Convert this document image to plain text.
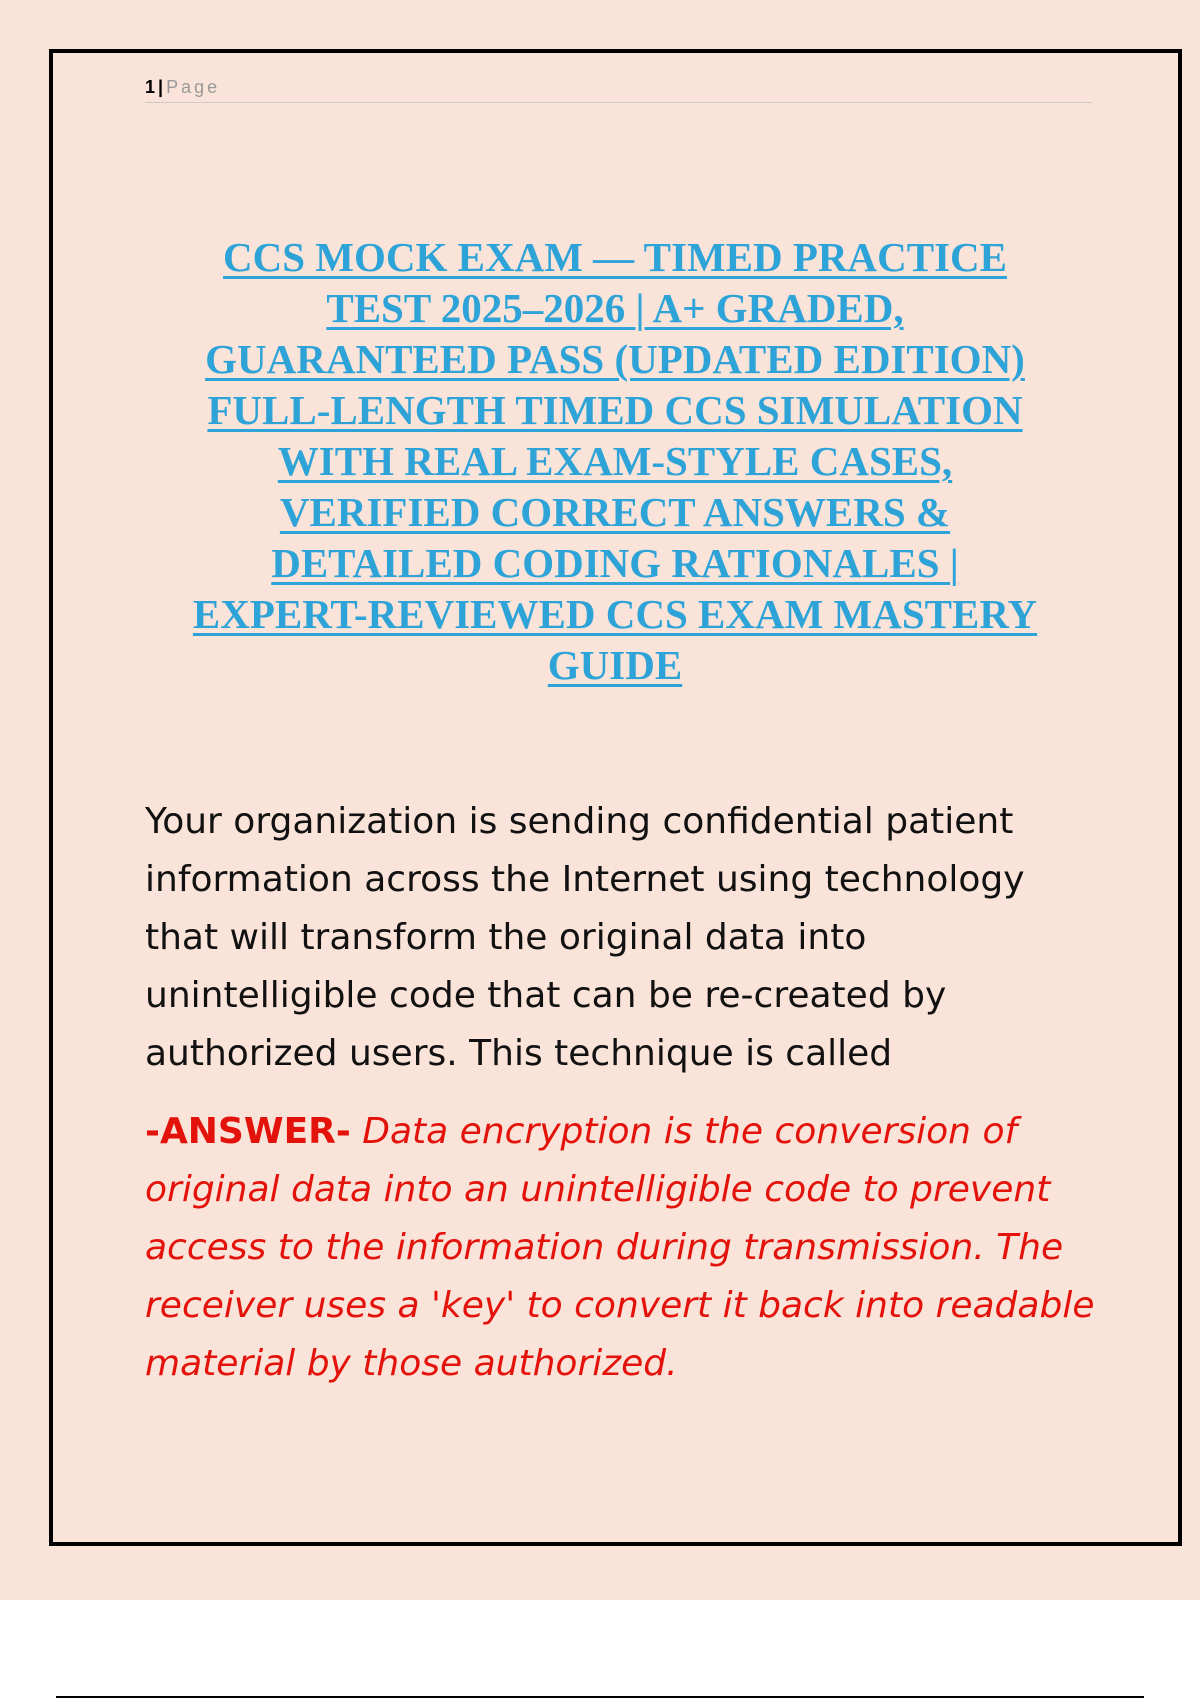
1 | Page
CCS MOCK EXAM — TIMED PRACTICE
TEST 2025–2026 | A+ GRADED,
GUARANTEED PASS (UPDATED EDITION)
FULL-LENGTH TIMED CCS SIMULATION
WITH REAL EXAM-STYLE CASES,
VERIFIED CORRECT ANSWERS &
DETAILED CODING RATIONALES |
EXPERT-REVIEWED CCS EXAM MASTERY
GUIDE
Your organization is sending confidential patient
information across the Internet using technology
that will transform the original data into
unintelligible code that can be re-created by
authorized users. This technique is called
-ANSWER- Data encryption is the conversion of
original data into an unintelligible code to prevent
access to the information during transmission. The
receiver uses a 'key' to convert it back into readable
material by those authorized.
